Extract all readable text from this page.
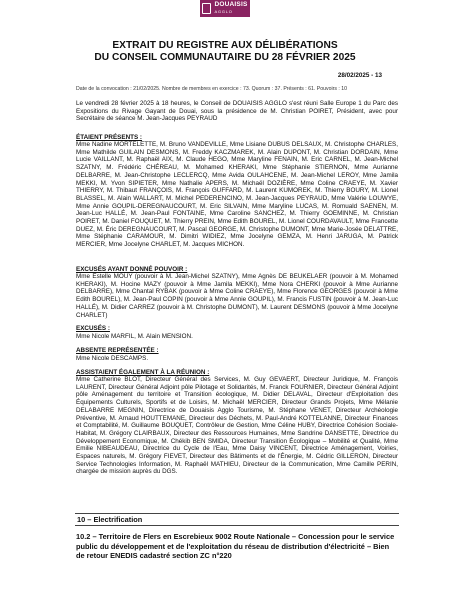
DOUAISIS
AGGLO
EXTRAIT DU REGISTRE AUX DÉLIBÉRATIONS
DU CONSEIL COMMUNAUTAIRE DU 28 FÉVRIER 2025
28/02/2025 - 13
Date de la convocation : 21/02/2025. Nombre de membres en exercice : 73. Quorum : 37. Présents : 61. Pouvoirs : 10
Le vendredi 28 février 2025 à 18 heures, le Conseil de DOUAISIS AGGLO s'est réuni Salle Europe 1 du Parc des Expositions du Rivage Gayant de Douai, sous la présidence de M. Christian POIRET, Président, avec pour Secrétaire de séance M. Jean-Jacques PEYRAUD
ÉTAIENT PRÉSENTS :
Mme Nadine MORTELETTE, M. Bruno VANDEVILLE, Mme Lisiane DUBUS DELSAUX, M. Christophe CHARLES, Mme Mathilde GUILAIN DESMONS, M. Freddy KACZMAREK, M. Alain DUPONT, M. Christian DORDAIN, Mme Lucie VAILLANT, M. Raphaël AIX, M. Claude HEGO, Mme Maryline FENAIN, M. Eric CARNEL, M. Jean-Michel SZATNY, M. Frédéric CHÉREAU, M. Mohamed KHERAKI, Mme Stéphanie STIERNON, Mme Aurianne DELBARRE, M. Jean-Christophe LECLERCQ, Mme Avida OULAHCENE, M. Jean-Michel LEROY, Mme Jamila MEKKI, M. Yvon SIPIETER, Mme Nathalie APERS, M. Michaël DOZIÈRE, Mme Coline CRAEYE, M. Xavier THIERRY, M. Thibaut FRANÇOIS, M. François GUFFARD, M. Laurent KUMOREK, M. Thierry BOURY, M. Lionel BLASSEL, M. Alain WALLART, M. Michel PEDERENCINO, M. Jean-Jacques PEYRAUD, Mme Valérie LOUWYE, Mme Annie GOUPIL-DEREGNAUCOURT, M. Eric SILVAIN, Mme Maryline LUCAS, M. Romuald SAENEN, M. Jean-Luc HALLÉ, M. Jean-Paul FONTAINE, Mme Caroline SANCHEZ, M. Thierry GOEMINNE, M. Christian POIRET, M. Daniel FOUQUET, M. Thierry PREIN, Mme Edith BOUREL, M. Lionel COURDAVAULT, Mme Francette DUEZ, M. Éric DEREGNAUCOURT, M. Pascal GEORGE, M. Christophe DUMONT, Mme Marie-Josée DELATTRE, Mme Stéphanie CARAMOUR, M. Dimitri WIDIEZ, Mme Jocelyne GEMZA, M. Henri JARUGA, M. Patrick MERCIER, Mme Jocelyne CHARLET, M. Jacques MICHON.
EXCUSÉS AYANT DONNÉ POUVOIR :
Mme Estelle MOUY (pouvoir à M. Jean-Michel SZATNY), Mme Agnès DE BEUKELAER (pouvoir à M. Mohamed KHERAKI), M. Hocine MAZY (pouvoir à Mme Jamila MEKKI), Mme Nora CHERKI (pouvoir à Mme Aurianne DELBARRE), Mme Chantal RYBAK (pouvoir à Mme Coline CRAEYE), Mme Florence GEORGES (pouvoir à Mme Edith BOUREL), M. Jean-Paul COPIN (pouvoir à Mme Annie GOUPIL), M. Francis FUSTIN (pouvoir à M. Jean-Luc HALLÉ), M. Didier CARREZ (pouvoir à M. Christophe DUMONT), M. Laurent DESMONS (pouvoir à Mme Jocelyne CHARLET)
EXCUSÉS :
Mme Nicole MARFIL, M. Alain MENSION.
ABSENTE REPRÉSENTÉE :
Mme Nicole DESCAMPS.
ASSISTAIENT ÉGALEMENT À LA RÉUNION :
Mme Catherine BLOT, Directeur Général des Services, M. Guy GEVAERT, Directeur Juridique, M. François LAURENT, Directeur Général Adjoint pôle Pilotage et Solidarités, M. Franck FOURNIER, Directeur Général Adjoint pôle Aménagement du territoire et Transition écologique, M. Didier DELAVAL, Directeur d'Exploitation des Équipements Culturels, Sportifs et de Loisirs, M. Michaël MERCIER, Directeur Grands Projets, Mme Mélanie DELABARRE MEGNIN, Directrice de Douaisis Agglo Tourisme, M. Stéphane VENET, Directeur Archéologie Préventive, M. Arnaud HOUTTEMANE, Directeur des Déchets, M. Paul-André KOTTELANNE, Directeur Finances et Comptabilité, M. Guillaume BOUQUET, Contrôleur de Gestion, Mme Céline HUBY, Directrice Cohésion Sociale-Habitat, M. Grégory CLAIRBAUX, Directeur des Ressources Humaines, Mme Sandrine DANSETTE, Directrice du Développement Economique, M. Chékib BEN SMIDA, Directeur Transition Écologique – Mobilité et Qualité, Mme Emilie NIBEAUDEAU, Directrice du Cycle de l'Eau, Mme Daisy VINCENT, Directrice Aménagement, Voiries, Espaces naturels, M. Grégory FIEVET, Directeur des Bâtiments et de l'Énergie, M. Cédric GILLERON, Directeur Service Technologies Information, M. Raphaël MATHIEU, Directeur de la Communication, Mme Camille PERIN, chargée de mission auprès du DGS.
10 – Electrification
10.2 – Territoire de Flers en Escrebieux 9002 Route Nationale – Concession pour le service public du développement et de l'exploitation du réseau de distribution d'électricité – Bien de retour ENEDIS cadastré section ZC n°220
